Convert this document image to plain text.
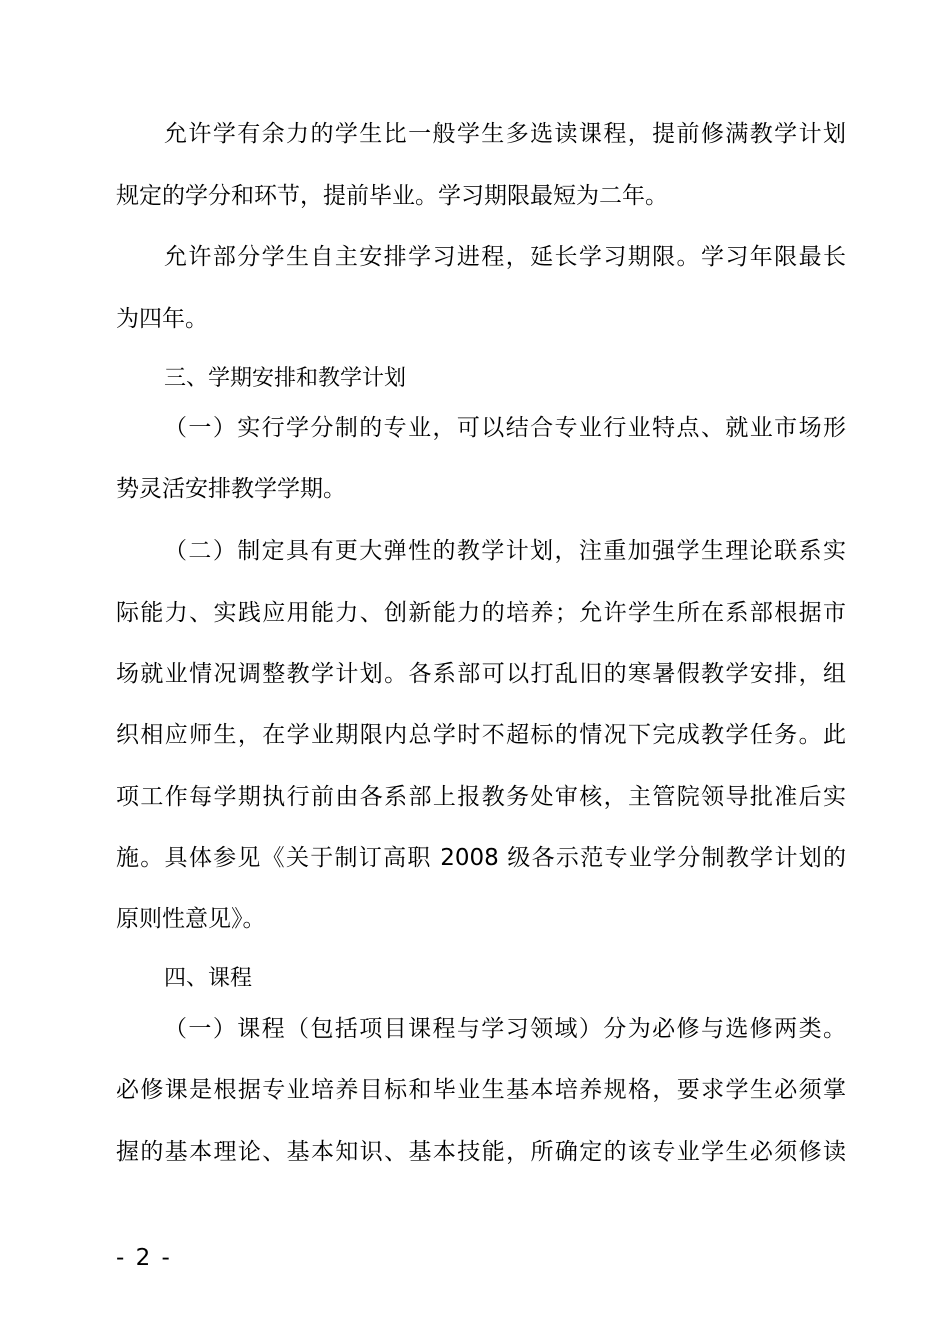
允许学有余力的学生比一般学生多选读课程，提前修满教学计划
规定的学分和环节，提前毕业。学习期限最短为二年。
允许部分学生自主安排学习进程，延长学习期限。学习年限最长
为四年。
三、学期安排和教学计划
（一）实行学分制的专业，可以结合专业行业特点、就业市场形
势灵活安排教学学期。
（二）制定具有更大弹性的教学计划，注重加强学生理论联系实
际能力、实践应用能力、创新能力的培养；允许学生所在系部根据市
场就业情况调整教学计划。各系部可以打乱旧的寒暑假教学安排，组
织相应师生，在学业期限内总学时不超标的情况下完成教学任务。此
项工作每学期执行前由各系部上报教务处审核，主管院领导批准后实
施。具体参见《关于制订高职 2008 级各示范专业学分制教学计划的
原则性意见》。
四、课程
（一）课程（包括项目课程与学习领域）分为必修与选修两类。
必修课是根据专业培养目标和毕业生基本培养规格，要求学生必须掌
握的基本理论、基本知识、基本技能，所确定的该专业学生必须修读
- 2 -
